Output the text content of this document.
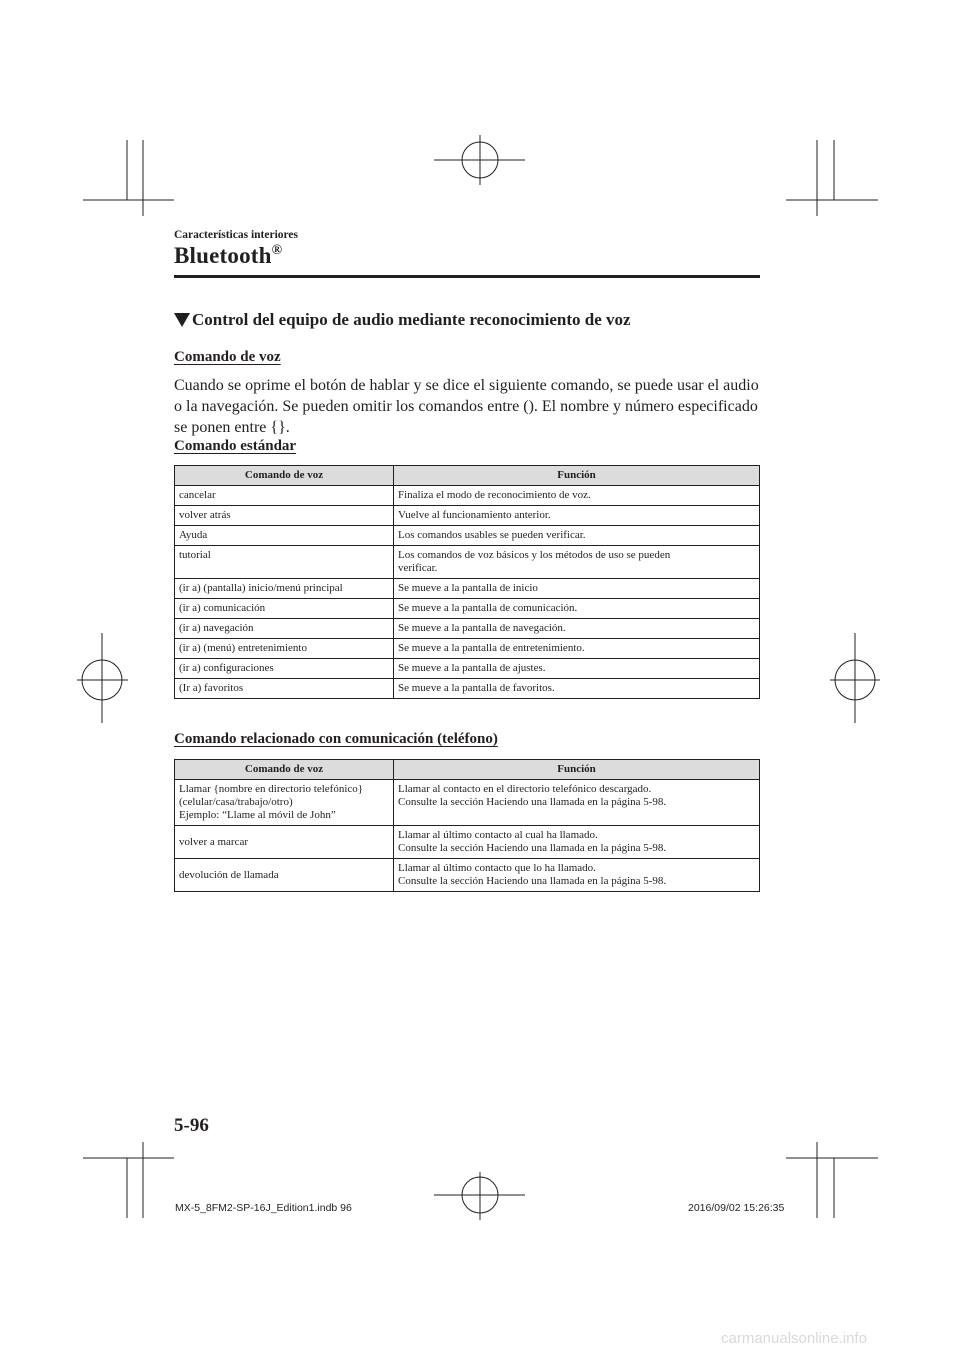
Características interiores
Bluetooth®
Control del equipo de audio mediante reconocimiento de voz
Comando de voz
Cuando se oprime el botón de hablar y se dice el siguiente comando, se puede usar el audio
o la navegación. Se pueden omitir los comandos entre (). El nombre y número especificado
se ponen entre {}.
Comando estándar
Comando de voz	Función
cancelar	Finaliza el modo de reconocimiento de voz.
volver atrás	Vuelve al funcionamiento anterior.
Ayuda	Los comandos usables se pueden verificar.
tutorial	Los comandos de voz básicos y los métodos de uso se pueden
verificar.
(ir a) (pantalla) inicio/menú principal	Se mueve a la pantalla de inicio
(ir a) comunicación	Se mueve a la pantalla de comunicación.
(ir a) navegación	Se mueve a la pantalla de navegación.
(ir a) (menú) entretenimiento	Se mueve a la pantalla de entretenimiento.
(ir a) configuraciones	Se mueve a la pantalla de ajustes.
(Ir a) favoritos	Se mueve a la pantalla de favoritos.
Comando relacionado con comunicación (teléfono)
Comando de voz	Función
Llamar {nombre en directorio telefónico}
(celular/casa/trabajo/otro)
Ejemplo: “Llame al móvil de John”	Llamar al contacto en el directorio telefónico descargado.
Consulte la sección Haciendo una llamada en la página 5-98.
volver a marcar	Llamar al último contacto al cual ha llamado.
Consulte la sección Haciendo una llamada en la página 5-98.
devolución de llamada	Llamar al último contacto que lo ha llamado.
Consulte la sección Haciendo una llamada en la página 5-98.
5-96
MX-5_8FM2-SP-16J_Edition1.indb 96	2016/09/02 15:26:35
carmanualsonline.info
